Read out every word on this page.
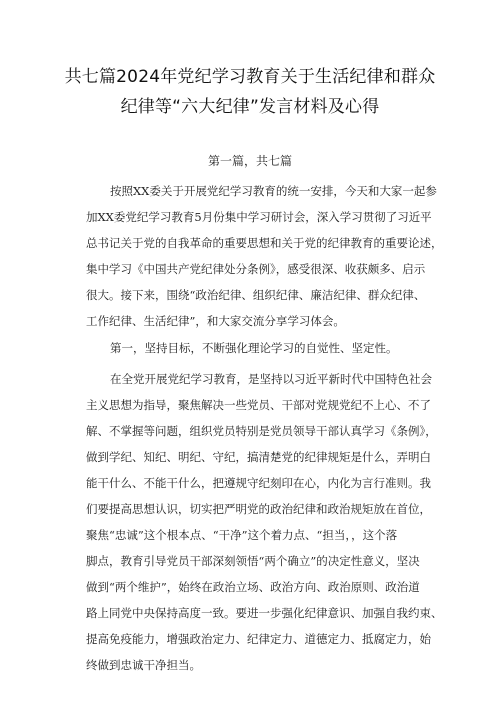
共七篇2024年党纪学习教育关于生活纪律和群众
纪律等“六大纪律”发言材料及心得
第一篇，共七篇
按照XX委关于开展党纪学习教育的统一安排，今天和大家一起参
加XX委党纪学习教育5月份集中学习研讨会，深入学习贯彻了习近平
总书记关于党的自我革命的重要思想和关于党的纪律教育的重要论述，
集中学习《中国共产党纪律处分条例》，感受很深、收获颇多、启示
很大。接下来，围绕“政治纪律、组织纪律、廉洁纪律、群众纪律、
工作纪律、生活纪律”，和大家交流分享学习体会。
第一，坚持目标，不断强化理论学习的自觉性、坚定性。
在全党开展党纪学习教育，是坚持以习近平新时代中国特色社会
主义思想为指导，聚焦解决一些党员、干部对党规党纪不上心、不了
解、不掌握等问题，组织党员特别是党员领导干部认真学习《条例》，
做到学纪、知纪、明纪、守纪，搞清楚党的纪律规矩是什么，弄明白
能干什么、不能干什么，把遵规守纪刻印在心，内化为言行准则。我
们要提高思想认识，切实把严明党的政治纪律和政治规矩放在首位，
聚焦“忠诚”这个根本点、“干净”这个着力点、“担当，，这个落
脚点，教育引导党员干部深刻领悟“两个确立”的决定性意义，坚决
做到“两个维护”，始终在政治立场、政治方向、政治原则、政治道
路上同党中央保持高度一致。要进一步强化纪律意识、加强自我约束、
提高免疫能力，增强政治定力、纪律定力、道德定力、抵腐定力，始
终做到忠诚干净担当。
